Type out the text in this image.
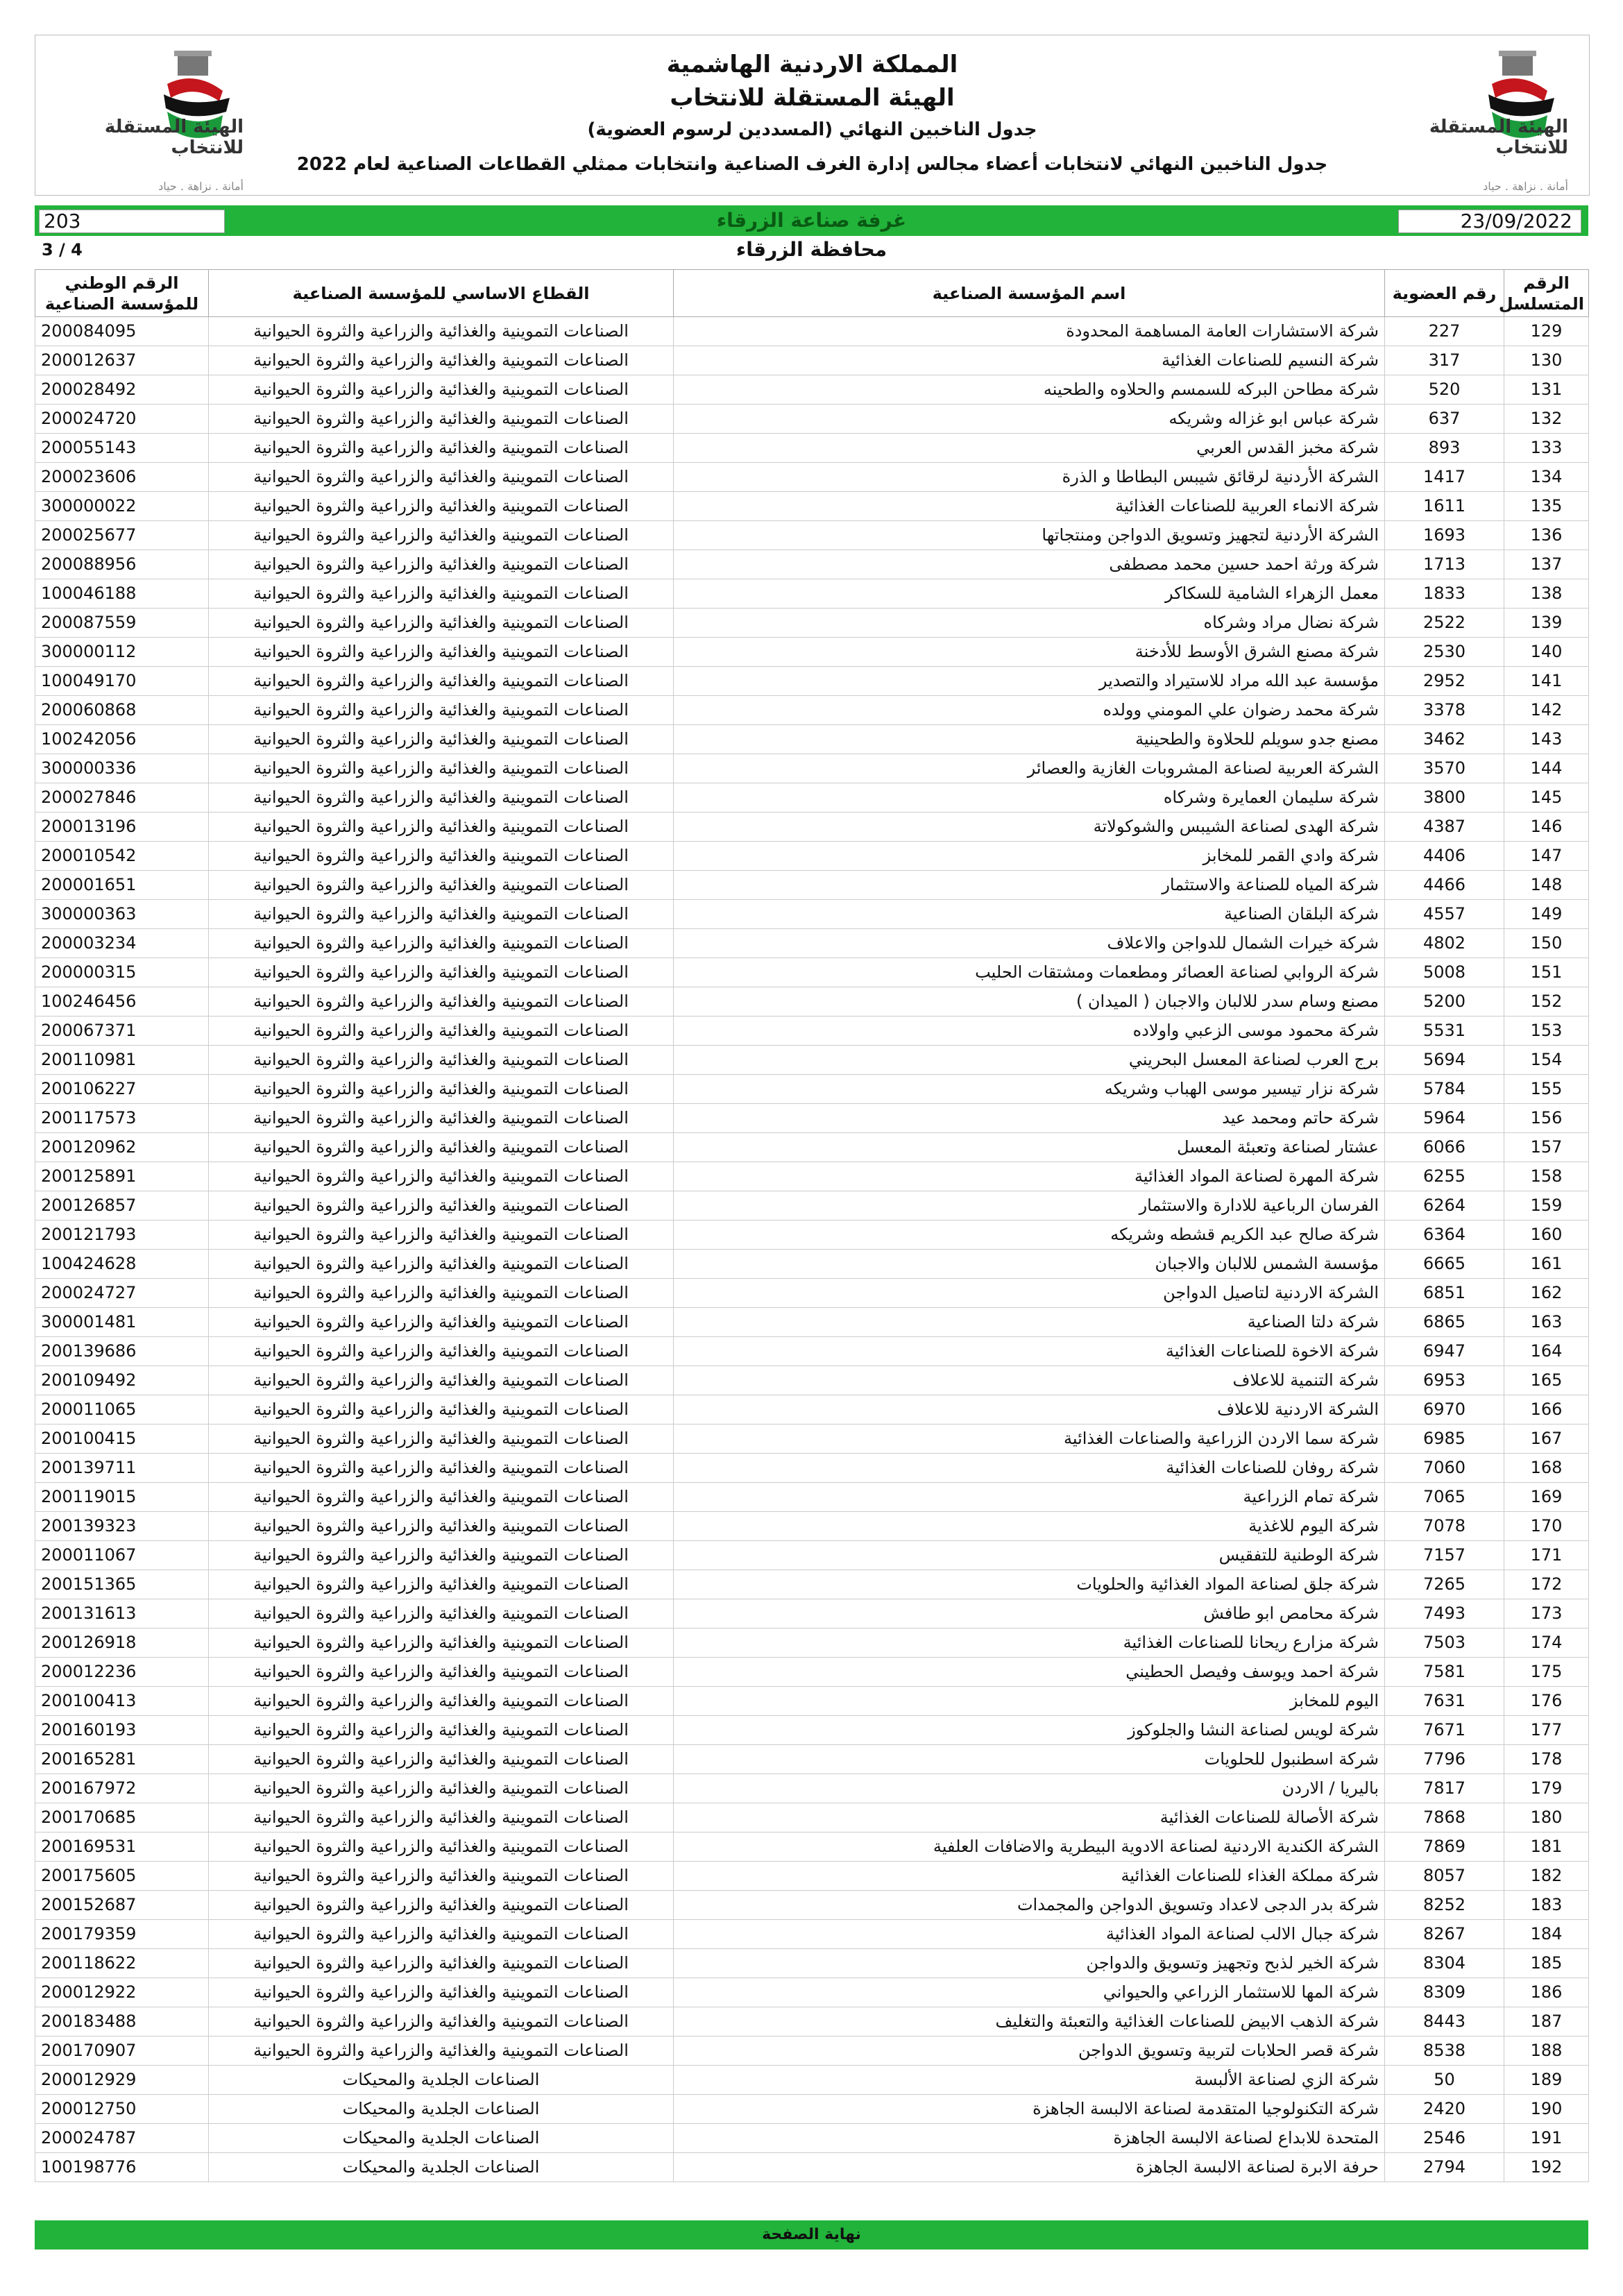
الهيئة المستقلة للانتخاب
أمانة . نزاهة . حياد
الهيئة المستقلة للانتخاب
أمانة . نزاهة . حياد
المملكة الاردنية الهاشمية
الهيئة المستقلة للانتخاب
جدول الناخبين النهائي (المسددين لرسوم العضوية)
جدول الناخبين النهائي لانتخابات أعضاء مجالس إدارة الغرف الصناعية وانتخابات ممثلي القطاعات الصناعية لعام 2022
23/09/2022
غرفة صناعة الزرقاء
203
محافظة الزرقاء
3 / 4
الرقم المتسلسل	رقم العضوية	اسم المؤسسة الصناعية	القطاع الاساسي للمؤسسة الصناعية	الرقم الوطني للمؤسسة الصناعية
129	227	شركة الاستشارات العامة المساهمة المحدودة	الصناعات التموينية والغذائية والزراعية والثروة الحيوانية	200084095
130	317	شركة النسيم للصناعات الغذائية	الصناعات التموينية والغذائية والزراعية والثروة الحيوانية	200012637
131	520	شركة مطاحن البركه للسمسم والحلاوه والطحينه	الصناعات التموينية والغذائية والزراعية والثروة الحيوانية	200028492
132	637	شركة عباس ابو غزاله وشريكه	الصناعات التموينية والغذائية والزراعية والثروة الحيوانية	200024720
133	893	شركة مخبز القدس العربي	الصناعات التموينية والغذائية والزراعية والثروة الحيوانية	200055143
134	1417	الشركة الأردنية لرقائق شيبس البطاطا و الذرة	الصناعات التموينية والغذائية والزراعية والثروة الحيوانية	200023606
135	1611	شركة الانماء العربية للصناعات الغذائية	الصناعات التموينية والغذائية والزراعية والثروة الحيوانية	300000022
136	1693	الشركة الأردنية لتجهيز وتسويق الدواجن ومنتجاتها	الصناعات التموينية والغذائية والزراعية والثروة الحيوانية	200025677
137	1713	شركة ورثة احمد حسين محمد مصطفى	الصناعات التموينية والغذائية والزراعية والثروة الحيوانية	200088956
138	1833	معمل الزهراء الشامية للسكاكر	الصناعات التموينية والغذائية والزراعية والثروة الحيوانية	100046188
139	2522	شركة نضال مراد وشركاه	الصناعات التموينية والغذائية والزراعية والثروة الحيوانية	200087559
140	2530	شركة مصنع الشرق الأوسط للأدخنة	الصناعات التموينية والغذائية والزراعية والثروة الحيوانية	300000112
141	2952	مؤسسة عبد الله مراد للاستيراد والتصدير	الصناعات التموينية والغذائية والزراعية والثروة الحيوانية	100049170
142	3378	شركة محمد رضوان علي المومني وولده	الصناعات التموينية والغذائية والزراعية والثروة الحيوانية	200060868
143	3462	مصنع جدو سويلم للحلاوة والطحينية	الصناعات التموينية والغذائية والزراعية والثروة الحيوانية	100242056
144	3570	الشركة العربية لصناعة المشروبات الغازية والعصائر	الصناعات التموينية والغذائية والزراعية والثروة الحيوانية	300000336
145	3800	شركة سليمان العمايرة وشركاه	الصناعات التموينية والغذائية والزراعية والثروة الحيوانية	200027846
146	4387	شركة الهدى لصناعة الشيبس والشوكولاتة	الصناعات التموينية والغذائية والزراعية والثروة الحيوانية	200013196
147	4406	شركة وادي القمر للمخابز	الصناعات التموينية والغذائية والزراعية والثروة الحيوانية	200010542
148	4466	شركة المياه للصناعة والاستثمار	الصناعات التموينية والغذائية والزراعية والثروة الحيوانية	200001651
149	4557	شركة البلقان الصناعية	الصناعات التموينية والغذائية والزراعية والثروة الحيوانية	300000363
150	4802	شركة خيرات الشمال للدواجن والاعلاف	الصناعات التموينية والغذائية والزراعية والثروة الحيوانية	200003234
151	5008	شركة الروابي لصناعة العصائر ومطعمات ومشتقات الحليب	الصناعات التموينية والغذائية والزراعية والثروة الحيوانية	200000315
152	5200	مصنع وسام سدر للالبان والاجبان ( الميدان )	الصناعات التموينية والغذائية والزراعية والثروة الحيوانية	100246456
153	5531	شركة محمود موسى الزعبي واولاده	الصناعات التموينية والغذائية والزراعية والثروة الحيوانية	200067371
154	5694	برج العرب لصناعة المعسل البحريني	الصناعات التموينية والغذائية والزراعية والثروة الحيوانية	200110981
155	5784	شركة نزار تيسير موسى الهباب وشريكه	الصناعات التموينية والغذائية والزراعية والثروة الحيوانية	200106227
156	5964	شركة حاتم ومحمد عيد	الصناعات التموينية والغذائية والزراعية والثروة الحيوانية	200117573
157	6066	عشتار لصناعة وتعبئة المعسل	الصناعات التموينية والغذائية والزراعية والثروة الحيوانية	200120962
158	6255	شركة المهرة لصناعة المواد الغذائية	الصناعات التموينية والغذائية والزراعية والثروة الحيوانية	200125891
159	6264	الفرسان الرباعية للادارة والاستثمار	الصناعات التموينية والغذائية والزراعية والثروة الحيوانية	200126857
160	6364	شركة صالح عبد الكريم قشطه وشريكه	الصناعات التموينية والغذائية والزراعية والثروة الحيوانية	200121793
161	6665	مؤسسة الشمس للالبان والاجبان	الصناعات التموينية والغذائية والزراعية والثروة الحيوانية	100424628
162	6851	الشركة الاردنية لتاصيل الدواجن	الصناعات التموينية والغذائية والزراعية والثروة الحيوانية	200024727
163	6865	شركة دلتا الصناعية	الصناعات التموينية والغذائية والزراعية والثروة الحيوانية	300001481
164	6947	شركة الاخوة للصناعات الغذائية	الصناعات التموينية والغذائية والزراعية والثروة الحيوانية	200139686
165	6953	شركة التنمية للاعلاف	الصناعات التموينية والغذائية والزراعية والثروة الحيوانية	200109492
166	6970	الشركة الاردنية للاعلاف	الصناعات التموينية والغذائية والزراعية والثروة الحيوانية	200011065
167	6985	شركة سما الاردن الزراعية والصناعات الغذائية	الصناعات التموينية والغذائية والزراعية والثروة الحيوانية	200100415
168	7060	شركة روفان للصناعات الغذائية	الصناعات التموينية والغذائية والزراعية والثروة الحيوانية	200139711
169	7065	شركة تمام الزراعية	الصناعات التموينية والغذائية والزراعية والثروة الحيوانية	200119015
170	7078	شركة اليوم للاغذية	الصناعات التموينية والغذائية والزراعية والثروة الحيوانية	200139323
171	7157	شركة الوطنية للتفقيس	الصناعات التموينية والغذائية والزراعية والثروة الحيوانية	200011067
172	7265	شركة جلق لصناعة المواد الغذائية والحلويات	الصناعات التموينية والغذائية والزراعية والثروة الحيوانية	200151365
173	7493	شركة محامص ابو طافش	الصناعات التموينية والغذائية والزراعية والثروة الحيوانية	200131613
174	7503	شركة مزارع ريحانا للصناعات الغذائية	الصناعات التموينية والغذائية والزراعية والثروة الحيوانية	200126918
175	7581	شركة احمد ويوسف وفيصل الحطيني	الصناعات التموينية والغذائية والزراعية والثروة الحيوانية	200012236
176	7631	اليوم للمخابز	الصناعات التموينية والغذائية والزراعية والثروة الحيوانية	200100413
177	7671	شركة لويس لصناعة النشا والجلوكوز	الصناعات التموينية والغذائية والزراعية والثروة الحيوانية	200160193
178	7796	شركة اسطنبول للحلويات	الصناعات التموينية والغذائية والزراعية والثروة الحيوانية	200165281
179	7817	باليريا / الاردن	الصناعات التموينية والغذائية والزراعية والثروة الحيوانية	200167972
180	7868	شركة الأصالة للصناعات الغذائية	الصناعات التموينية والغذائية والزراعية والثروة الحيوانية	200170685
181	7869	الشركة الكندية الاردنية لصناعة الادوية البيطرية والاضافات العلفية	الصناعات التموينية والغذائية والزراعية والثروة الحيوانية	200169531
182	8057	شركة مملكة الغذاء للصناعات الغذائية	الصناعات التموينية والغذائية والزراعية والثروة الحيوانية	200175605
183	8252	شركة بدر الدجى لاعداد وتسويق الدواجن والمجمدات	الصناعات التموينية والغذائية والزراعية والثروة الحيوانية	200152687
184	8267	شركة جبال الالب لصناعة المواد الغذائية	الصناعات التموينية والغذائية والزراعية والثروة الحيوانية	200179359
185	8304	شركة الخير لذبح وتجهيز وتسويق والدواجن	الصناعات التموينية والغذائية والزراعية والثروة الحيوانية	200118622
186	8309	شركة المها للاستثمار الزراعي والحيواني	الصناعات التموينية والغذائية والزراعية والثروة الحيوانية	200012922
187	8443	شركة الذهب الابيض للصناعات الغذائية والتعبئة والتغليف	الصناعات التموينية والغذائية والزراعية والثروة الحيوانية	200183488
188	8538	شركة قصر الحلابات لتربية وتسويق الدواجن	الصناعات التموينية والغذائية والزراعية والثروة الحيوانية	200170907
189	50	شركة الزي لصناعة الألبسة	الصناعات الجلدية والمحيكات	200012929
190	2420	شركة التكنولوجيا المتقدمة لصناعة الالبسة الجاهزة	الصناعات الجلدية والمحيكات	200012750
191	2546	المتحدة للابداع لصناعة الالبسة الجاهزة	الصناعات الجلدية والمحيكات	200024787
192	2794	حرفة الابرة لصناعة الالبسة الجاهزة	الصناعات الجلدية والمحيكات	100198776
نهاية الصفحة
